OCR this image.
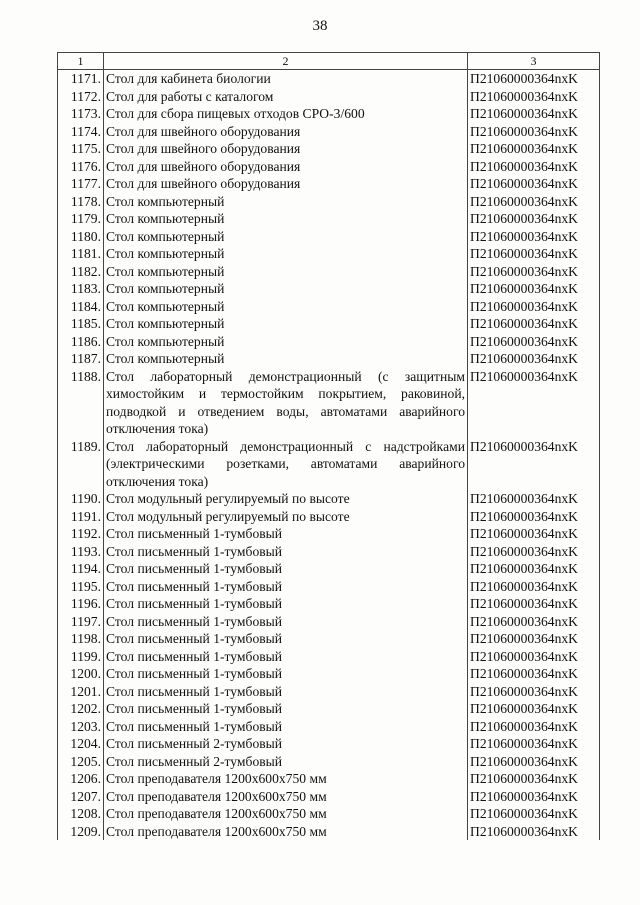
38
1	2	3
1171.	Стол для кабинета биологии	П21060000364nxK
1172.	Стол для работы с каталогом	П21060000364nxK
1173.	Стол для сбора пищевых отходов СРО-3/600	П21060000364nxK
1174.	Стол для швейного оборудования	П21060000364nxK
1175.	Стол для швейного оборудования	П21060000364nxK
1176.	Стол для швейного оборудования	П21060000364nxK
1177.	Стол для швейного оборудования	П21060000364nxK
1178.	Стол компьютерный	П21060000364nxK
1179.	Стол компьютерный	П21060000364nxK
1180.	Стол компьютерный	П21060000364nxK
1181.	Стол компьютерный	П21060000364nxK
1182.	Стол компьютерный	П21060000364nxK
1183.	Стол компьютерный	П21060000364nxK
1184.	Стол компьютерный	П21060000364nxK
1185.	Стол компьютерный	П21060000364nxK
1186.	Стол компьютерный	П21060000364nxK
1187.	Стол компьютерный	П21060000364nxK
1188.	Стол лабораторный демонстрационный (с защитным химостойким и термостойким покрытием, раковиной, подводкой и отведением воды, автоматами аварийного отключения тока)	П21060000364nxK
1189.	Стол лабораторный демонстрационный с надстройками (электрическими розетками, автоматами аварийного отключения тока)	П21060000364nxK
1190.	Стол модульный регулируемый по высоте	П21060000364nxK
1191.	Стол модульный регулируемый по высоте	П21060000364nxK
1192.	Стол письменный 1-тумбовый	П21060000364nxK
1193.	Стол письменный 1-тумбовый	П21060000364nxK
1194.	Стол письменный 1-тумбовый	П21060000364nxK
1195.	Стол письменный 1-тумбовый	П21060000364nxK
1196.	Стол письменный 1-тумбовый	П21060000364nxK
1197.	Стол письменный 1-тумбовый	П21060000364nxK
1198.	Стол письменный 1-тумбовый	П21060000364nxK
1199.	Стол письменный 1-тумбовый	П21060000364nxK
1200.	Стол письменный 1-тумбовый	П21060000364nxK
1201.	Стол письменный 1-тумбовый	П21060000364nxK
1202.	Стол письменный 1-тумбовый	П21060000364nxK
1203.	Стол письменный 1-тумбовый	П21060000364nxK
1204.	Стол письменный 2-тумбовый	П21060000364nxK
1205.	Стол письменный 2-тумбовый	П21060000364nxK
1206.	Стол преподавателя 1200x600x750 мм	П21060000364nxK
1207.	Стол преподавателя 1200x600x750 мм	П21060000364nxK
1208.	Стол преподавателя 1200x600x750 мм	П21060000364nxK
1209.	Стол преподавателя 1200x600x750 мм	П21060000364nxK
